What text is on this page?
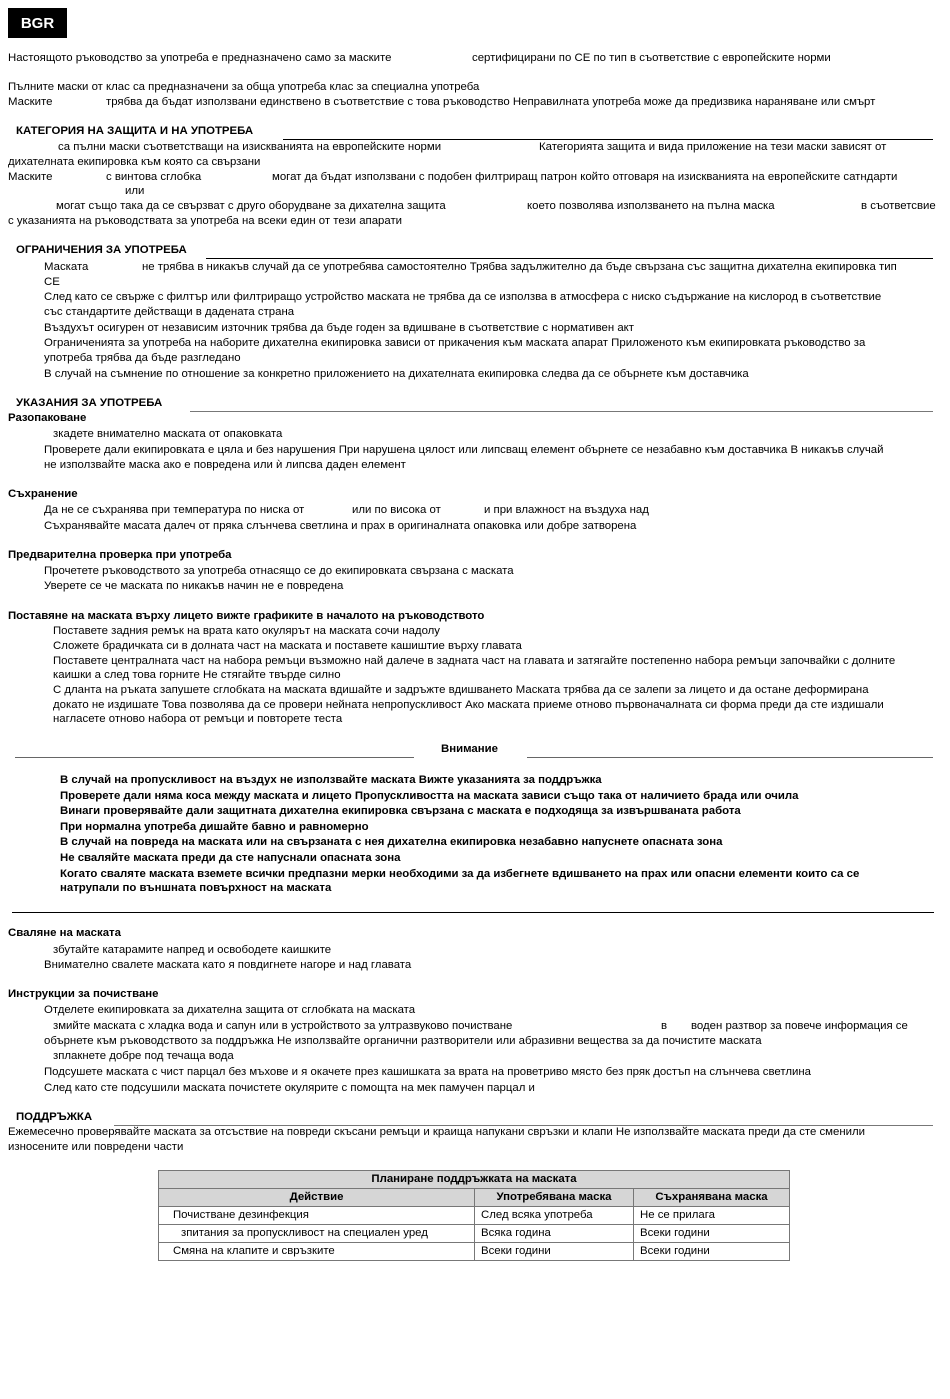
BGR
Настоящото ръководство за употреба е предназначено само за маските	сертифицирани по CE по тип в съответствие с европейските норми
Пълните маски от клас са предназначени за обща употреба клас за специална употреба
Маските	трябва да бъдат използвани единствено в съответствие с това ръководство Неправилната употреба може да предизвика нараняване или смърт
КАТЕГОРИЯ НА ЗАЩИТА И НА УПОТРЕБА
са пълни маски съответстващи на изискванията на европейските норми	Категорията защита и вида приложение на тези маски зависят от
дихателната екипировка към която са свързани
Маските	с винтова сглобка	могат да бъдат използвани с подобен филтриращ патрон който отговаря на изискванията на европейските сатндарти
или
могат също така да се свързват с друго оборудване за дихателна защита	което позволява използването на пълна маска	в съответсвие
с указанията на ръководствата за употреба на всеки един от тези апарати
ОГРАНИЧЕНИЯ ЗА УПОТРЕБА
Маската	не трябва в никакъв случай да се употребява самостоятелно Трябва задължително да бъде свързана със защитна дихателна екипировка тип
CE
След като се свърже с филтър или филтриращо устройство маската не трябва да се използва в атмосфера с ниско съдържание на кислород в съответствие
със стандартите действащи в дадената страна
Въздухът осигурен от независим източник трябва да бъде годен за вдишване в съответствие с нормативен акт
Ограниченията за употреба на наборите дихателна екипировка зависи от прикачения към маската апарат Приложеното към екипировката ръководство за
употреба трябва да бъде разгледано
В случай на съмнение по отношение за конкретно приложението на дихателната екипировка следва да се обърнете към доставчика
УКАЗАНИЯ ЗА УПОТРЕБА
Разопаковане
зкадете внимателно маската от опаковката
Проверете дали екипировката е цяла и без нарушения При нарушена цялост или липсващ елемент обърнете се незабавно към доставчика В никакъв случай
не използвайте маска ако е повредена или ѝ липсва даден елемент
Съхранение
Да не се съхранява при температура по ниска от	или по висока от	и при влажност на въздуха над
Съхранявайте масата далеч от пряка слънчева светлина и прах в оригиналната опаковка или добре затворена
Предварителна проверка при употреба
Прочетете ръководството за употреба отнасящо се до екипировката свързана с маската
Уверете се че маската по никакъв начин не е повредена
Поставяне на маската върху лицето вижте графиките в началото на ръководството
Поставете задния ремък на врата като окулярът на маската сочи надолу
Сложете брадичката си в долната част на маската и поставете кашиштие върху главата
Поставете централната част на набора ремъци възможно най далече в задната част на главата и затягайте постепенно набора ремъци започвайки с долните
каишки а след това горните Не стягайте твърде силно
С дланта на ръката запушете сглобката на маската вдишайте и задръжте вдишването Маската трябва да се залепи за лицето и да остане деформирана
докато не издишате Това позволява да се провери нейната непропускливост Ако маската приеме отново първоначалната си форма преди да сте издишали
нагласете отново набора от ремъци и повторете теста
Внимание
В случай на пропускливост на въздух не използвайте маската Вижте указанията за поддръжка
Проверете дали няма коса между маската и лицето Пропускливостта на маската зависи също така от наличието брада или очила
Винаги проверявайте дали защитната дихателна екипировка свързана с маската е подходяща за извършваната работа
При нормална употреба дишайте бавно и равномерно
В случай на повреда на маската или на свързаната с нея дихателна екипировка незабавно напуснете опасната зона
Не сваляйте маската преди да сте напуснали опасната зона
Когато сваляте маската вземете всички предпазни мерки необходими за да избегнете вдишването на прах или опасни елементи които са се
натрупали по външната повърхност на маската
Сваляне на маската
збутайте катарамите напред и освободете каишките
Внимателно свалете маската като я повдигнете нагоре и над главата
Инструкции за почистване
Отделете екипировката за дихателна защита от сглобката на маската
змийте маската с хладка вода и сапун или в устройството за ултразвуково почистване	в воден разтвор за повече информация се
обърнете към ръководството за поддръжка Не използвайте органични разтворители или абразивни вещества за да почистите маската
зплакнете добре под течаща вода
Подсушете маската с чист парцал без мъхове и я окачете през кашишката за врата на проветриво място без пряк достъп на слънчева светлина
След като сте подсушили маската почистете окулярите с помощта на мек памучен парцал и
ПОДДРЪЖКА
Ежемесечно проверявайте маската за отсъствие на повреди скъсани ремъци и краища напукани свръзки и клапи Не използвайте маската преди да сте сменили
износените или повредени части
Планиране поддръжката на маската		
Действие	Употребявана маска	Съхранявана маска
Почистване дезинфекция	След всяка употреба	Не се прилага
зпитания за пропускливост на специален уред	Всяка година	Всеки години
Смяна на клапите и свръзките	Всеки години	Всеки години
